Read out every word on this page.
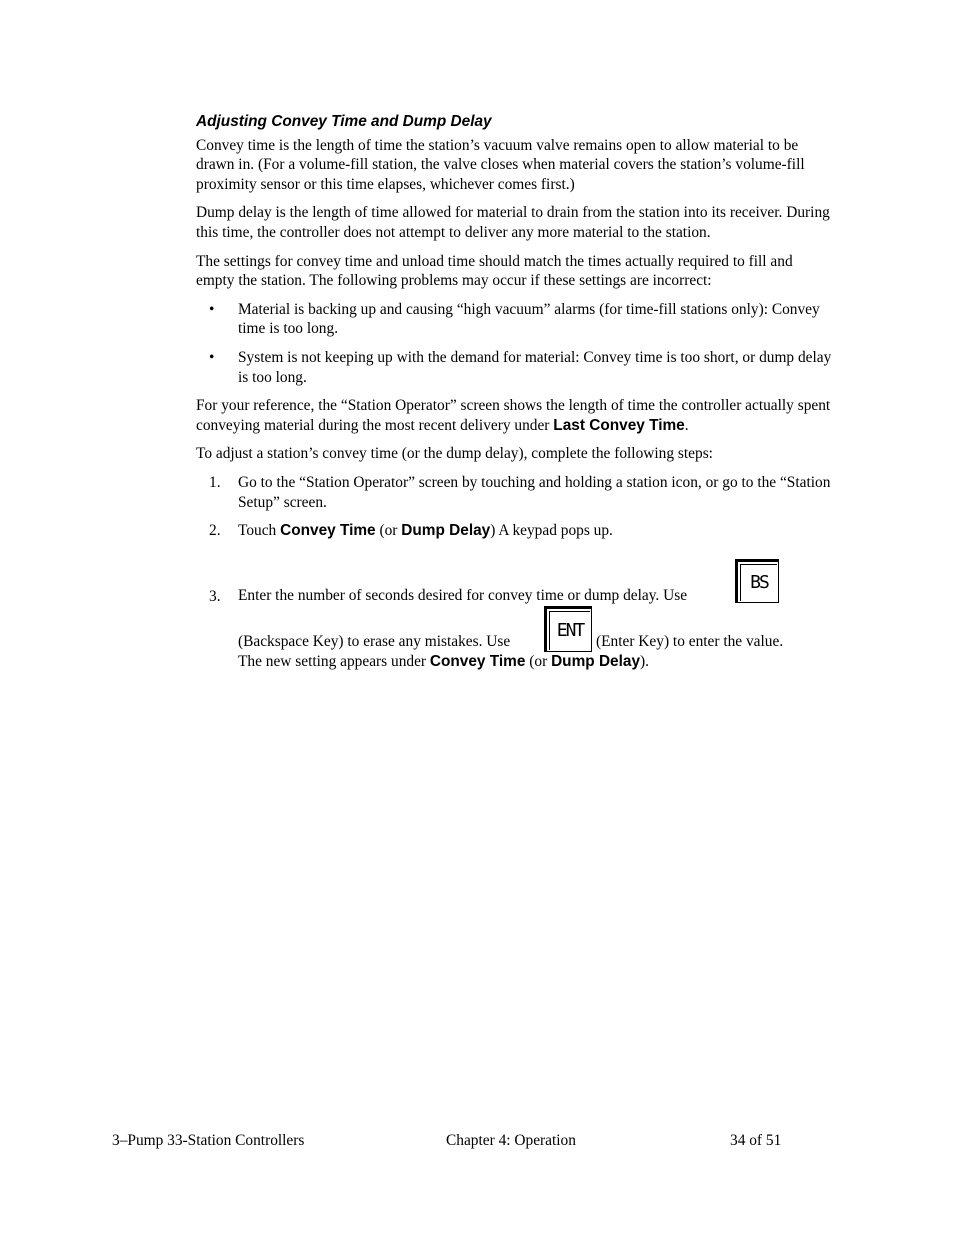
Adjusting Convey Time and Dump Delay

Convey time is the length of time the station’s vacuum valve remains open to allow material to be drawn in. (For a volume-fill station, the valve closes when material covers the station’s volume-fill proximity sensor or this time elapses, whichever comes first.)

Dump delay is the length of time allowed for material to drain from the station into its receiver. During this time, the controller does not attempt to deliver any more material to the station.

The settings for convey time and unload time should match the times actually required to fill and empty the station. The following problems may occur if these settings are incorrect:

• Material is backing up and causing “high vacuum” alarms (for time-fill stations only): Convey time is too long.
• System is not keeping up with the demand for material: Convey time is too short, or dump delay is too long.

For your reference, the “Station Operator” screen shows the length of time the controller actually spent conveying material during the most recent delivery under Last Convey Time.

To adjust a station’s convey time (or the dump delay), complete the following steps:

1. Go to the “Station Operator” screen by touching and holding a station icon, or go to the “Station Setup” screen.
2. Touch Convey Time (or Dump Delay) A keypad pops up.
3. Enter the number of seconds desired for convey time or dump delay. Use
BS
(Backspace Key) to erase any mistakes. Use
ENT
(Enter Key) to enter the value.
The new setting appears under Convey Time (or Dump Delay).
3–Pump 33-Station Controllers	Chapter 4: Operation	34 of 51
